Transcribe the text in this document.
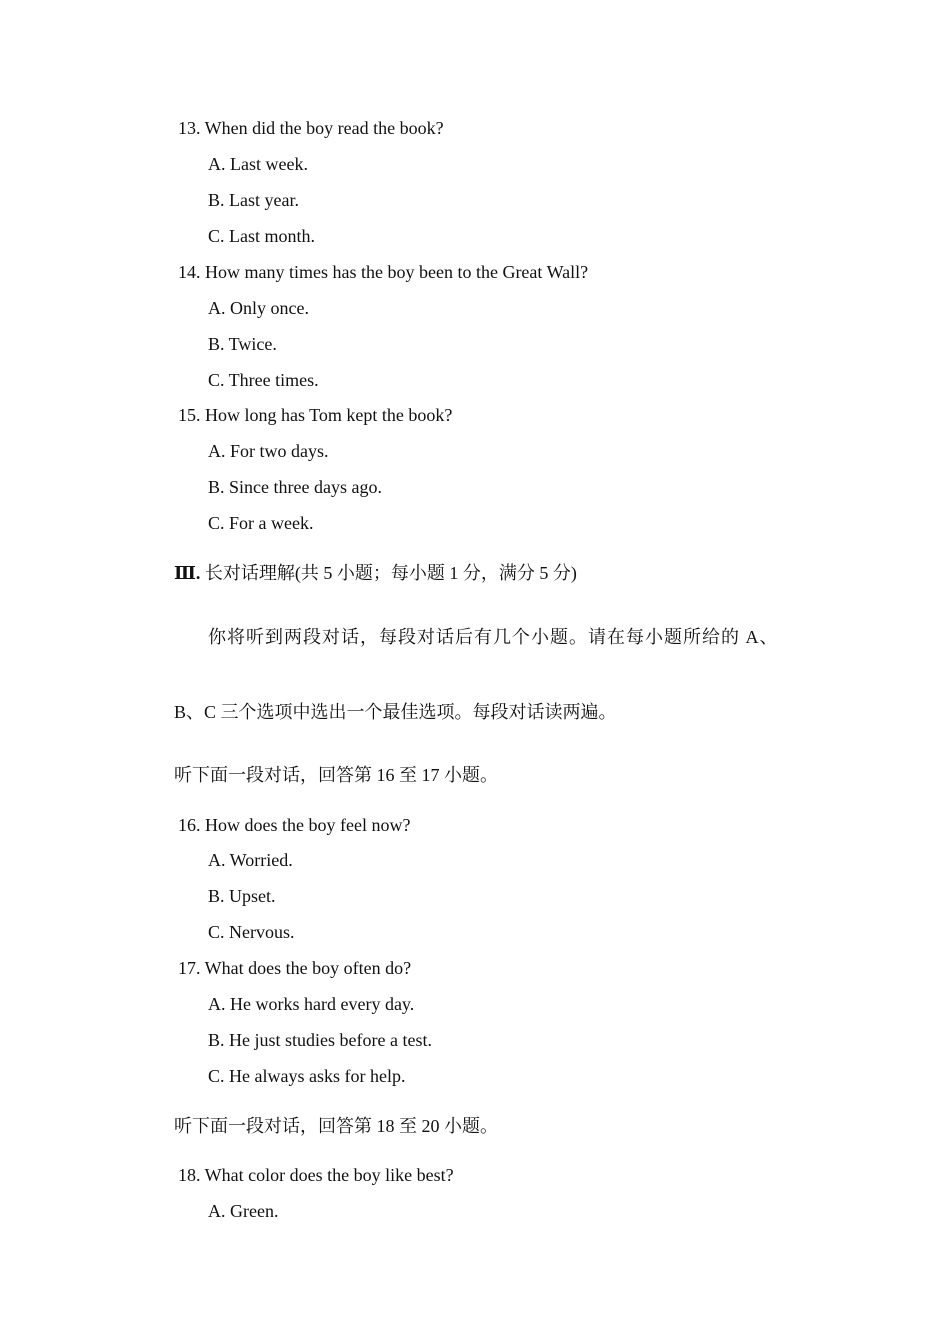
13. When did the boy read the book?
A. Last week.
B. Last year.
C. Last month.
14. How many times has the boy been to the Great Wall?
A. Only once.
B. Twice.
C. Three times.
15. How long has Tom kept the book?
A. For two days.
B. Since three days ago.
C. For a week.
Ⅲ. 长对话理解(共 5 小题；每小题 1 分，满分 5 分)
你将听到两段对话，每段对话后有几个小题。请在每小题所给的 A、
B、C 三个选项中选出一个最佳选项。每段对话读两遍。
听下面一段对话，回答第 16 至 17 小题。
16. How does the boy feel now?
A. Worried.
B. Upset.
C. Nervous.
17. What does the boy often do?
A. He works hard every day.
B. He just studies before a test.
C. He always asks for help.
听下面一段对话，回答第 18 至 20 小题。
18. What color does the boy like best?
A. Green.
